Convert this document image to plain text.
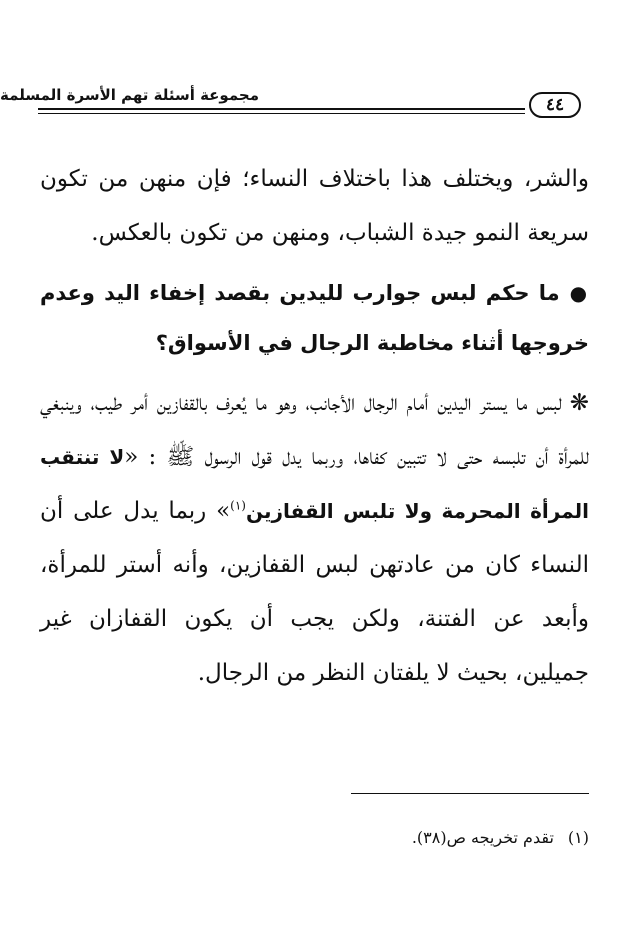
مجموعة أسئلة تهم الأسرة المسلمة	٤٤

والشر، ويختلف هذا باختلاف النساء؛ فإن منهن من تكون سريعة النمو جيدة الشباب، ومنهن من تكون بالعكس.

●ما حكم لبس جوارب لليدين بقصد إخفاء اليد وعدم خروجها أثناء مخاطبة الرجال في الأسواق؟

❋لبس ما يستر اليدين أمام الرجال الأجانب، وهو ما يُعرف بالقفازين أمر طيب، وينبغي للمرأة أن تلبسه حتى لا تتبين كفاها، وربما يدل قول الرسول ﷺ : «لا تنتقب المرأة المحرمة ولا تلبس القفازين$^{(١)}$» ربما يدل على أن النساء كان من عادتهن لبس القفازين، وأنه أستر للمرأة، وأبعد عن الفتنة، ولكن يجب أن يكون القفازان غير جميلين، بحيث لا يلفتان النظر من الرجال.

(١)تقدم تخريجه ص(٣٨).
